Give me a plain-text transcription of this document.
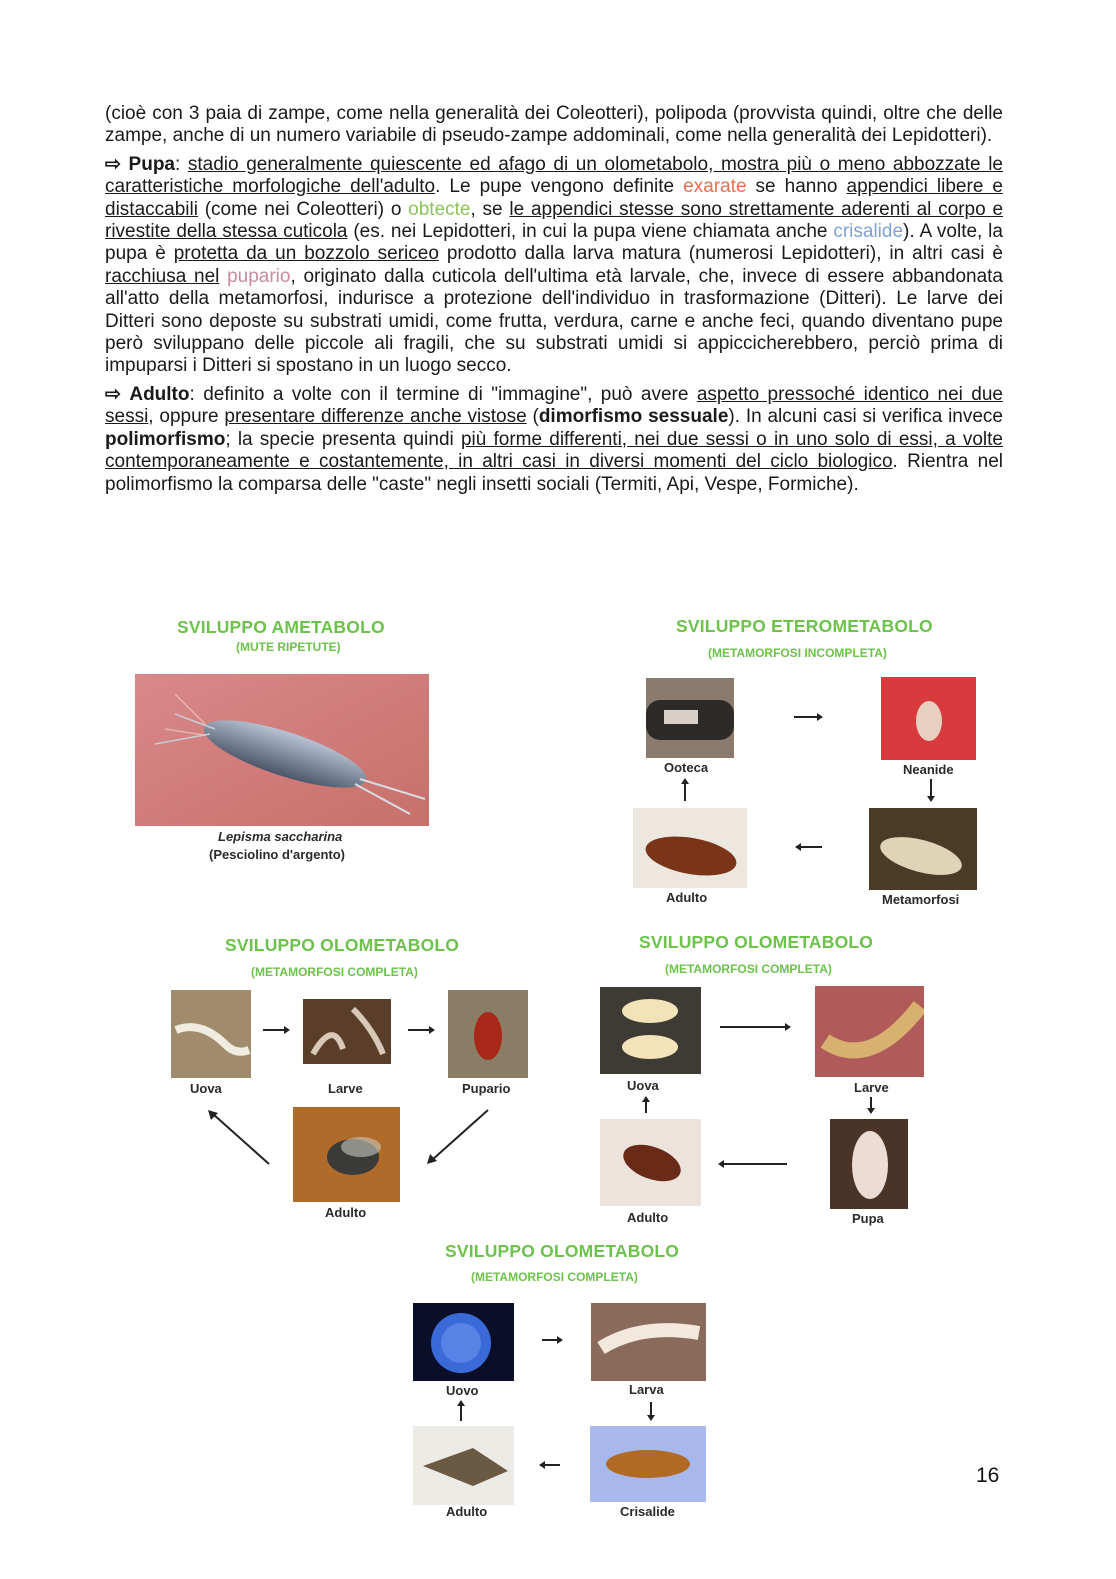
(cioè con 3 paia di zampe, come nella generalità dei Coleotteri), polipoda (provvista quindi, oltre che delle zampe, anche di un numero variabile di pseudo-zampe addominali, come nella generalità dei Lepidotteri).

⇨ Pupa: stadio generalmente quiescente ed afago di un olometabolo, mostra più o meno abbozzate le caratteristiche morfologiche dell'adulto. Le pupe vengono definite exarate se hanno appendici libere e distaccabili (come nei Coleotteri) o obtecte, se le appendici stesse sono strettamente aderenti al corpo e rivestite della stessa cuticola (es. nei Lepidotteri, in cui la pupa viene chiamata anche crisalide). A volte, la pupa è protetta da un bozzolo sericeo prodotto dalla larva matura (numerosi Lepidotteri), in altri casi è racchiusa nel pupario, originato dalla cuticola dell'ultima età larvale, che, invece di essere abbandonata all'atto della metamorfosi, indurisce a protezione dell'individuo in trasformazione (Ditteri). Le larve dei Ditteri sono deposte su substrati umidi, come frutta, verdura, carne e anche feci, quando diventano pupe però sviluppano delle piccole ali fragili, che su substrati umidi si appiccicherebbero, perciò prima di impuparsi i Ditteri si spostano in un luogo secco.

⇨ Adulto: definito a volte con il termine di "immagine", può avere aspetto pressoché identico nei due sessi, oppure presentare differenze anche vistose (dimorfismo sessuale). In alcuni casi si verifica invece polimorfismo; la specie presenta quindi più forme differenti, nei due sessi o in uno solo di essi, a volte contemporaneamente e costantemente, in altri casi in diversi momenti del ciclo biologico. Rientra nel polimorfismo la comparsa delle "caste" negli insetti sociali (Termiti, Api, Vespe, Formiche).

SVILUPPO AMETABOLO
(MUTE RIPETUTE)
Lepisma saccharina
(Pesciolino d'argento)
SVILUPPO ETEROMETABOLO
(METAMORFOSI INCOMPLETA)
Ooteca	Neanide
Metamorfosi
Adulto
SVILUPPO OLOMETABOLO
(METAMORFOSI COMPLETA)
Uova	Larve	Pupario
Adulto
SVILUPPO OLOMETABOLO
(METAMORFOSI COMPLETA)
Uova	Larve
Pupa
Adulto
SVILUPPO OLOMETABOLO
(METAMORFOSI COMPLETA)
Uovo	Larva
Crisalide
Adulto
16
